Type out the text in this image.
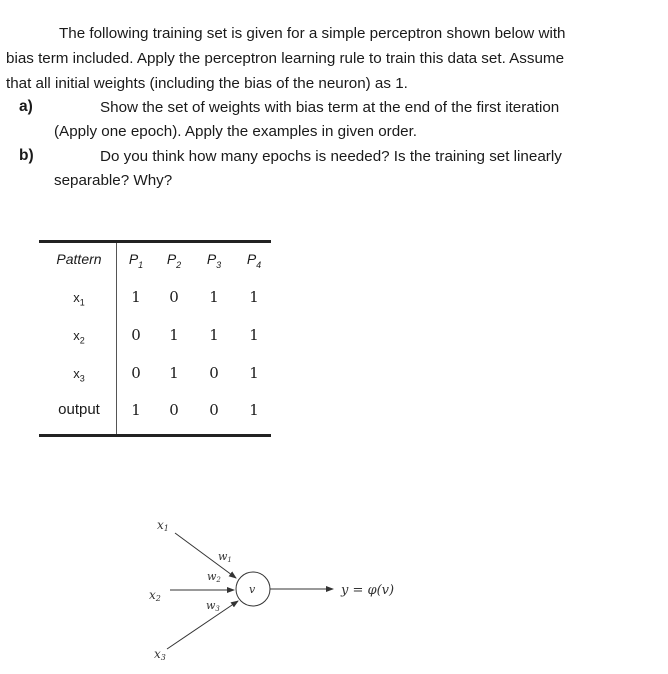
The following training set is given for a simple perceptron shown below with
bias term included. Apply the perceptron learning rule to train this data set. Assume
that all initial weights (including the bias of the neuron) as 1.
a)	Show the set of weights with bias term at the end of the first iteration
(Apply one epoch). Apply the examples in given order.
b)	Do you think how many epochs is needed? Is the training set linearly
separable? Why?
Pattern	$P_1$	$P_2$	$P_3$	$P_4$
$x_1$	1	0	1	1
$x_2$	0	1	1	1
$x_3$	0	1	0	1
output	1	0	0	1
x1
x2
x3
w1
w2
w3
v	y = φ(v)
